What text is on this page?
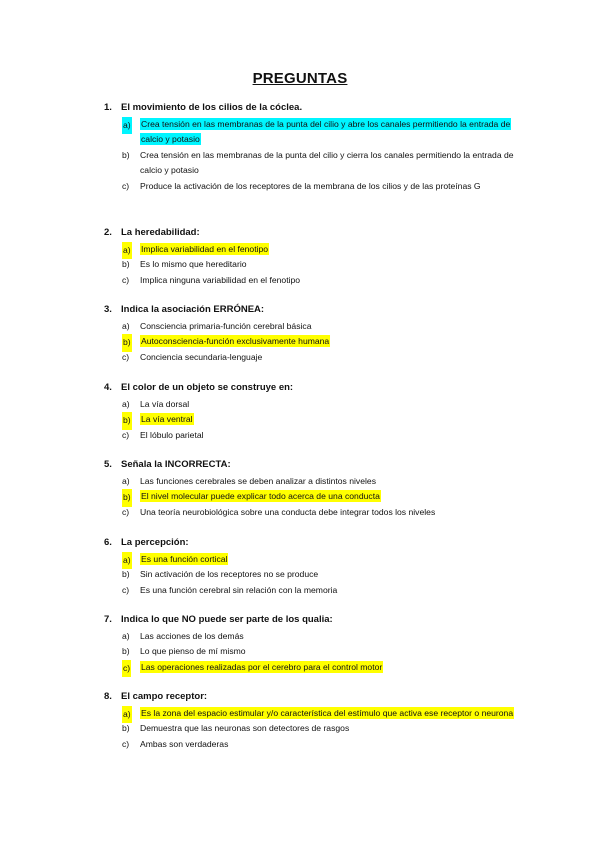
PREGUNTAS
1. El movimiento de los cilios de la cóclea.
a) Crea tensión en las membranas de la punta del cilio y abre los canales permitiendo la entrada de calcio y potasio
b) Crea tensión en las membranas de la punta del cilio y cierra los canales permitiendo la entrada de calcio y potasio
c) Produce la activación de los receptores de la membrana de los cilios y de las proteínas G
2. La heredabilidad:
a) Implica variabilidad en el fenotipo
b) Es lo mismo que hereditario
c) Implica ninguna variabilidad en el fenotipo
3. Indica la asociación ERRÓNEA:
a) Consciencia primaria-función cerebral básica
b) Autoconsciencia-función exclusivamente humana
c) Conciencia secundaria-lenguaje
4. El color de un objeto se construye en:
a) La vía dorsal
b) La vía ventral
c) El lóbulo parietal
5. Señala la INCORRECTA:
a) Las funciones cerebrales se deben analizar a distintos niveles
b) El nivel molecular puede explicar todo acerca de una conducta
c) Una teoría neurobiológica sobre una conducta debe integrar todos los niveles
6. La percepción:
a) Es una función cortical
b) Sin activación de los receptores no se produce
c) Es una función cerebral sin relación con la memoria
7. Indica lo que NO puede ser parte de los qualia:
a) Las acciones de los demás
b) Lo que pienso de mí mismo
c) Las operaciones realizadas por el cerebro para el control motor
8. El campo receptor:
a) Es la zona del espacio estimular y/o característica del estímulo que activa ese receptor o neurona
b) Demuestra que las neuronas son detectores de rasgos
c) Ambas son verdaderas
